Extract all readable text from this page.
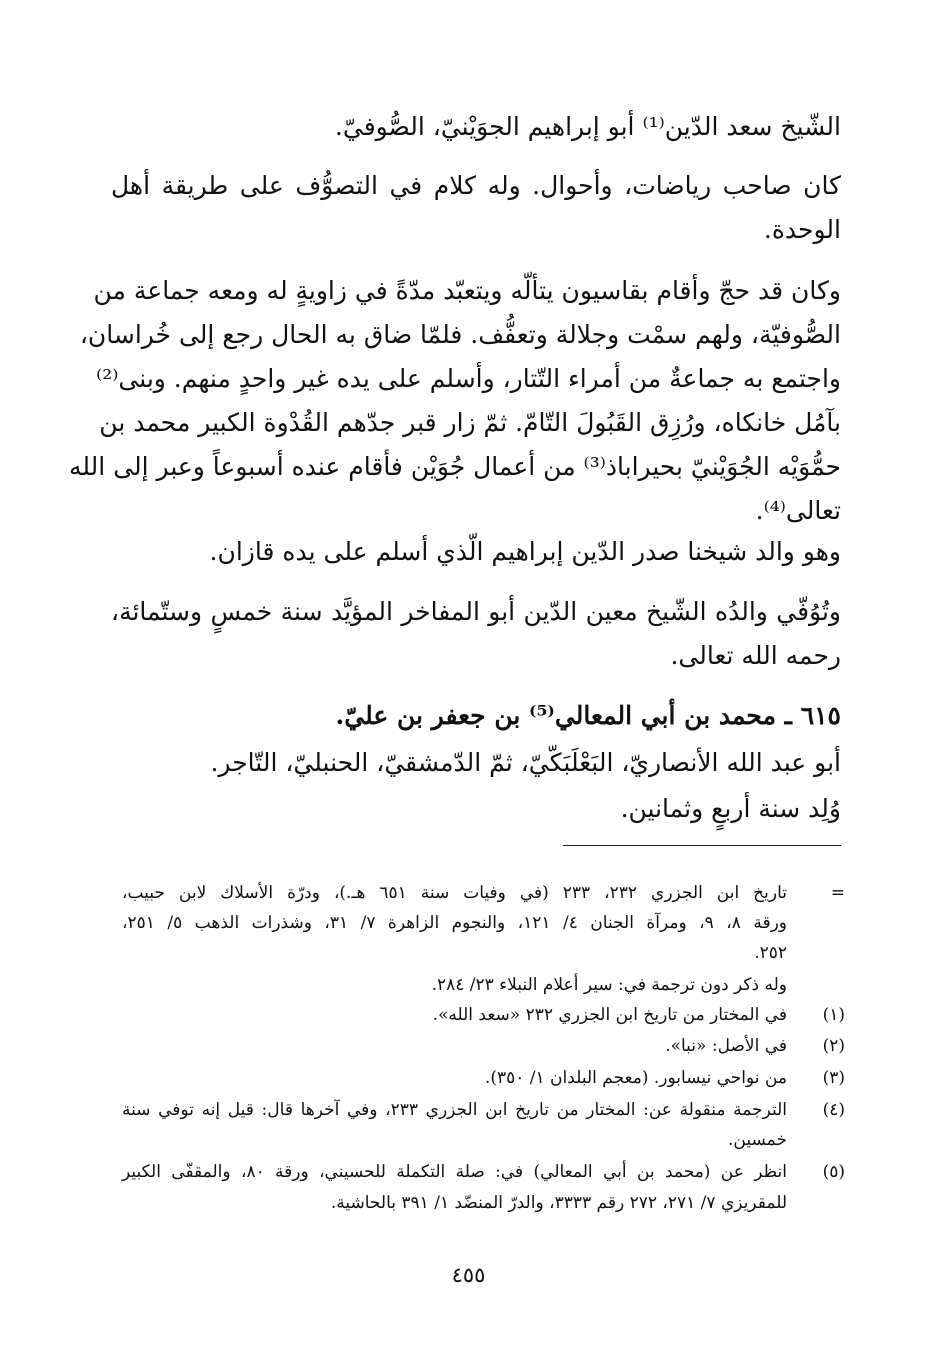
الشّيخ سعد الدّين⁽¹⁾ أبو إبراهيم الجوَيْنيّ، الصُّوفيّ.
كان صاحب رياضات، وأحوال. وله كلام في التصوُّف على طريقة أهل
الوحدة.
وكان قد حجّ وأقام بقاسيون يتألّه ويتعبّد مدّةً في زاويةٍ له ومعه جماعة من
الصُّوفيّة، ولهم سمْت وجلالة وتعفُّف. فلمّا ضاق به الحال رجع إلى خُراسان،
واجتمع به جماعةٌ من أمراء التّتار، وأسلم على يده غير واحدٍ منهم. وبنى⁽²⁾
بآمُل خانكاه، ورُزِق القَبُولَ التّامّ. ثمّ زار قبر جدّهم القُدْوة الكبير محمد بن
حمُّوَيْه الجُوَيْنيّ بحيراباذ⁽³⁾ من أعمال جُوَيْن فأقام عنده أسبوعاً وعبر إلى الله
تعالى⁽⁴⁾.
وهو والد شيخنا صدر الدّين إبراهيم الّذي أسلم على يده قازان.
وتُوُفّي والدُه الشّيخ معين الدّين أبو المفاخر المؤيَّد سنة خمسٍ وستّمائة،
رحمه الله تعالى.
٦١٥ ـ محمد بن أبي المعالي⁽⁵⁾ بن جعفر بن عليّ.
أبو عبد الله الأنصاريّ، البَعْلَبَكّيّ، ثمّ الدّمشقيّ، الحنبليّ، التّاجر.
وُلِد سنة أربعٍ وثمانين.
=
تاريخ ابن الجزري ٢٣٢، ٢٣٣ (في وفيات سنة ٦٥١ هـ.)، ودرّة الأسلاك لابن حبيب،
ورقة ٨، ٩، ومرآة الجنان ٤/ ١٢١، والنجوم الزاهرة ٧/ ٣١، وشذرات الذهب ٥/ ٢٥١،
٢٥٢.
وله ذكر دون ترجمة في: سير أعلام النبلاء ٢٣/ ٢٨٤.
(١)
في المختار من تاريخ ابن الجزري ٢٣٢ «سعد الله».
(٢)
في الأصل: «نبا».
(٣)
من نواحي نيسابور. (معجم البلدان ١/ ٣٥٠).
(٤)
الترجمة منقولة عن: المختار من تاريخ ابن الجزري ٢٣٣، وفي آخرها قال: قيل إنه توفي سنة
خمسين.
(٥)
انظر عن (محمد بن أبي المعالي) في: صلة التكملة للحسيني، ورقة ٨٠، والمقفّى الكبير
للمقريزي ٧/ ٢٧١، ٢٧٢ رقم ٣٣٣٣، والدرّ المنضّد ١/ ٣٩١ بالحاشية.
٤٥٥
